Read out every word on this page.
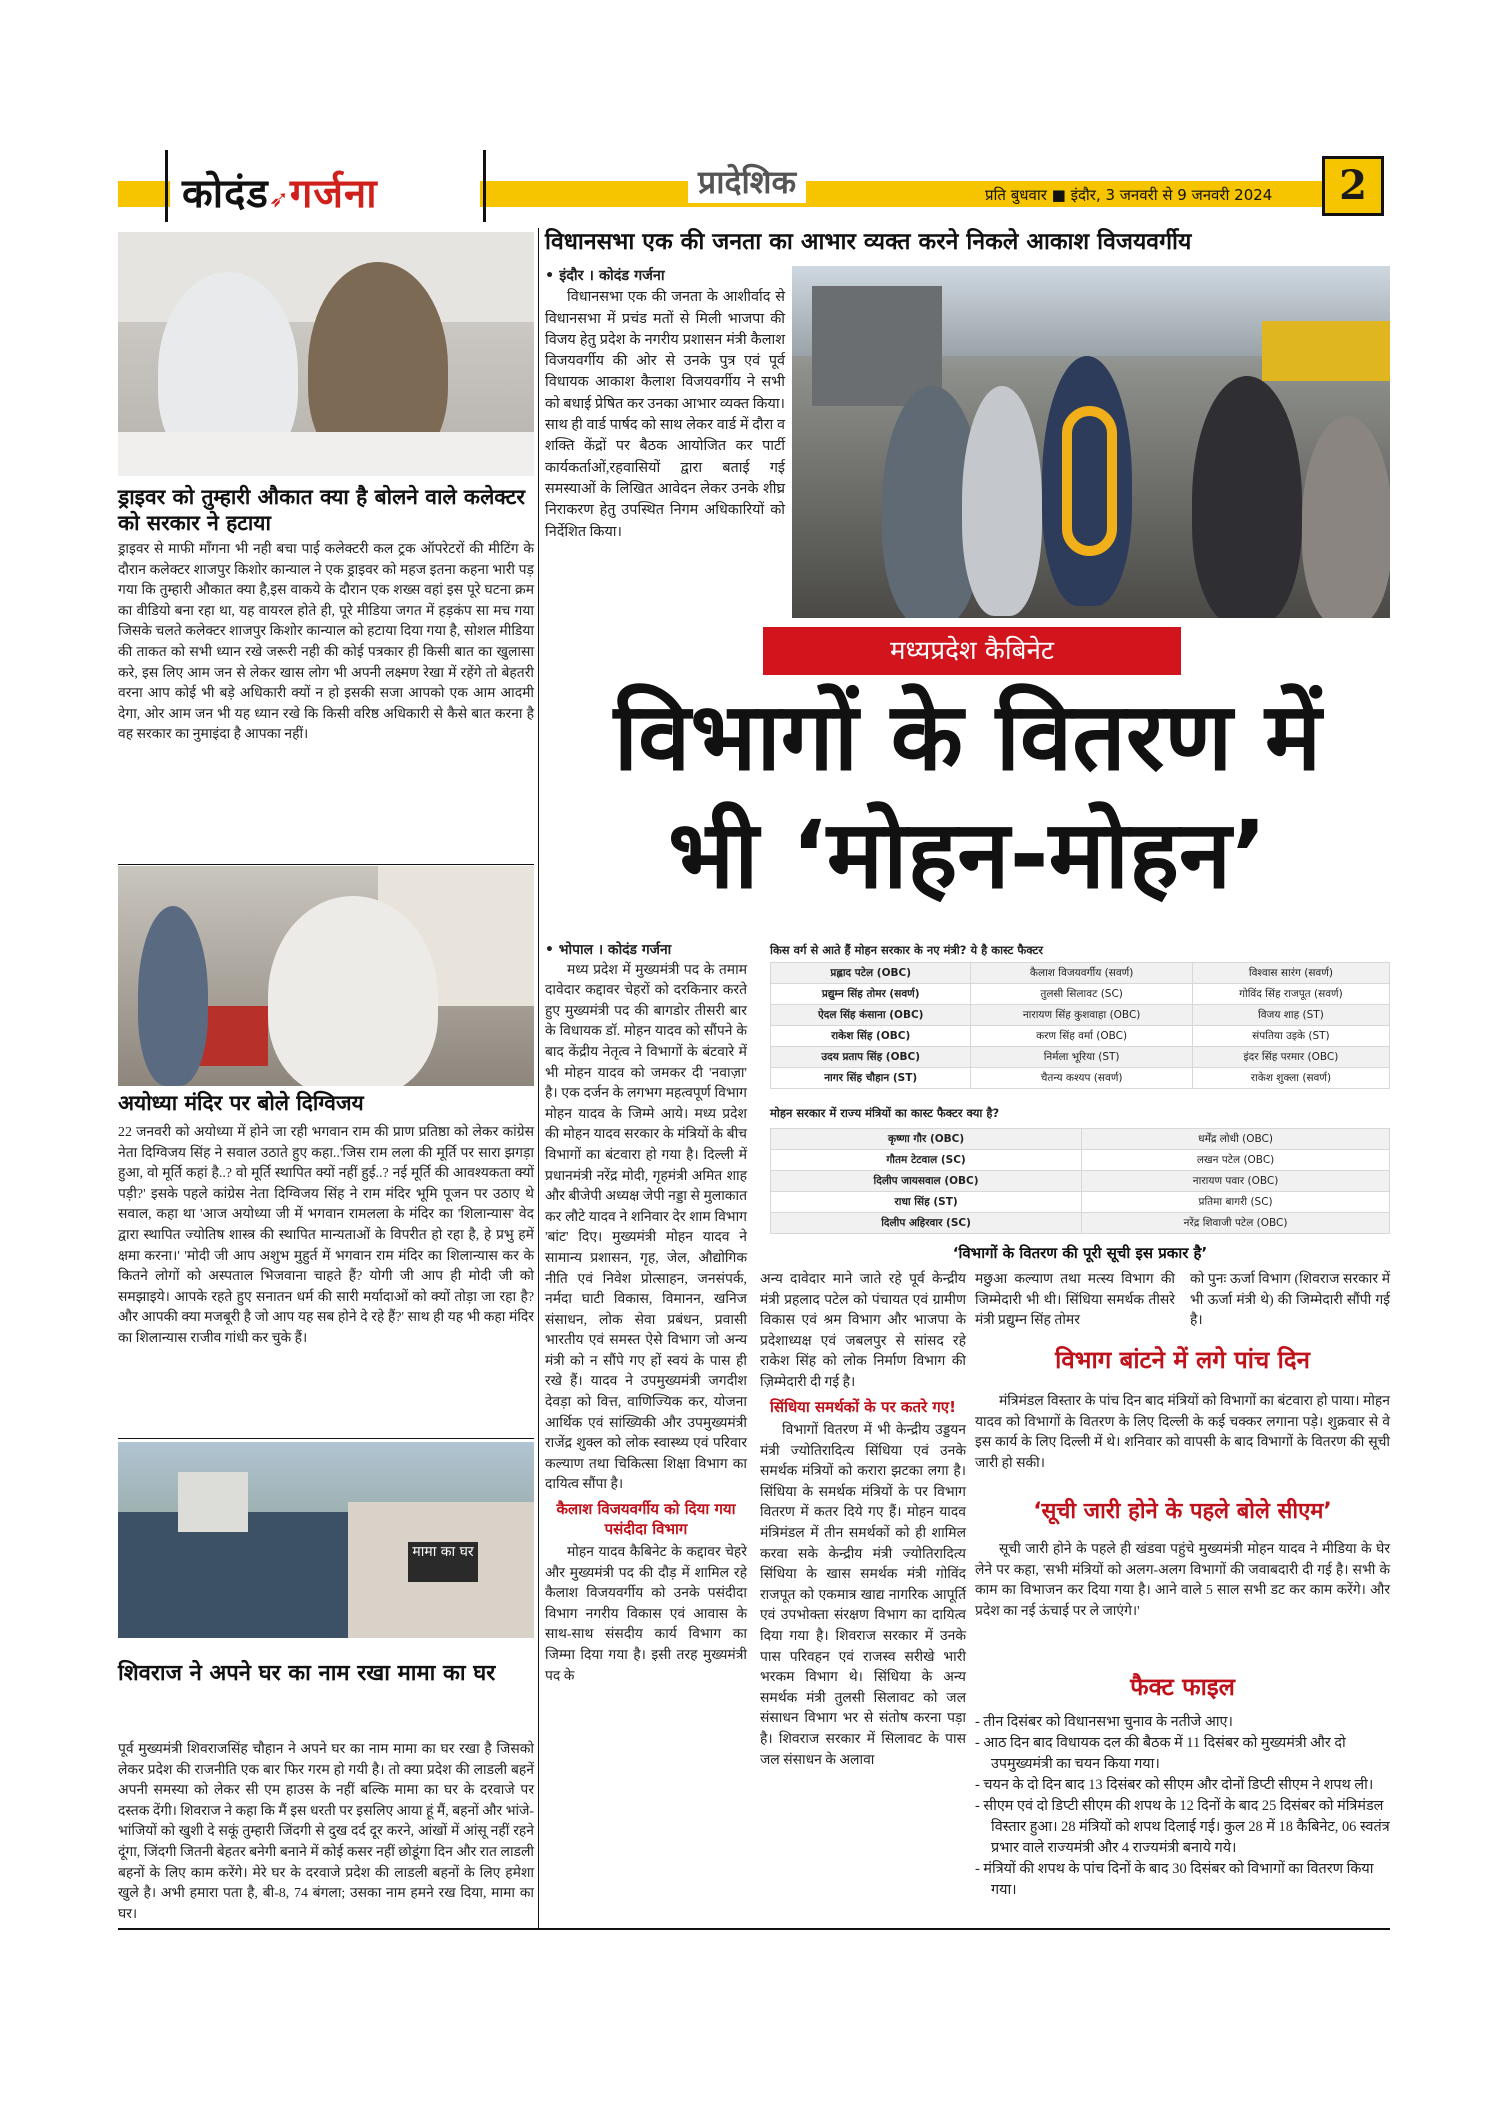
कोदंड➶गर्जना	प्रादेशिक	प्रति बुधवार ■ इंदौर, 3 जनवरी से 9 जनवरी 2024	2
विधानसभा एक की जनता का आभार व्यक्त करने निकले आकाश विजयवर्गीय
• इंदौर । कोदंड गर्जना
विधानसभा एक की जनता के आशीर्वाद से विधानसभा में प्रचंड मतों से मिली भाजपा की विजय हेतु प्रदेश के नगरीय प्रशासन मंत्री कैलाश विजयवर्गीय की ओर से उनके पुत्र एवं पूर्व विधायक आकाश कैलाश विजयवर्गीय ने सभी को बधाई प्रेषित कर उनका आभार व्यक्त किया। साथ ही वार्ड पार्षद को साथ लेकर वार्ड में दौरा व शक्ति केंद्रों पर बैठक आयोजित कर पार्टी कार्यकर्ताओं,रहवासियों द्वारा बताई गई समस्याओं के लिखित आवेदन लेकर उनके शीघ्र निराकरण हेतु उपस्थित निगम अधिकारियों को निर्देशित किया।
ड्राइवर को तुम्हारी औकात क्या है बोलने वाले कलेक्टर को सरकार ने हटाया
ड्राइवर से माफी माँगना भी नही बचा पाई कलेक्टरी कल ट्रक ऑपरेटरों की मीटिंग के दौरान कलेक्टर शाजपुर किशोर कान्याल ने एक ड्राइवर को महज इतना कहना भारी पड़ गया कि तुम्हारी औकात क्या है,इस वाकये के दौरान एक शख्स वहां इस पूरे घटना क्रम का वीडियो बना रहा था, यह वायरल होते ही, पूरे मीडिया जगत में हड़कंप सा मच गया जिसके चलते कलेक्टर शाजपुर किशोर कान्याल को हटाया दिया गया है, सोशल मीडिया की ताकत को सभी ध्यान रखे जरूरी नही की कोई पत्रकार ही किसी बात का खुलासा करे, इस लिए आम जन से लेकर खास लोग भी अपनी लक्ष्मण रेखा में रहेंगे तो बेहतरी वरना आप कोई भी बड़े अधिकारी क्यों न हो इसकी सजा आपको एक आम आदमी देगा, ओर आम जन भी यह ध्यान रखे कि किसी वरिष्ठ अधिकारी से कैसे बात करना है वह सरकार का नुमाइंदा है आपका नहीं।
अयोध्या मंदिर पर बोले दिग्विजय
22 जनवरी को अयोध्या में होने जा रही भगवान राम की प्राण प्रतिष्ठा को लेकर कांग्रेस नेता दिग्विजय सिंह ने सवाल उठाते हुए कहा..'जिस राम लला की मूर्ति पर सारा झगड़ा हुआ, वो मूर्ति कहां है..? वो मूर्ति स्थापित क्यों नहीं हुई..? नई मूर्ति की आवश्यकता क्यों पड़ी?' इसके पहले कांग्रेस नेता दिग्विजय सिंह ने राम मंदिर भूमि पूजन पर उठाए थे सवाल, कहा था 'आज अयोध्या जी में भगवान रामलला के मंदिर का 'शिलान्यास' वेद द्वारा स्थापित ज्योतिष शास्त्र की स्थापित मान्यताओं के विपरीत हो रहा है, हे प्रभु हमें क्षमा करना।' 'मोदी जी आप अशुभ मुहुर्त में भगवान राम मंदिर का शिलान्यास कर के कितने लोगों को अस्पताल भिजवाना चाहते हैं? योगी जी आप ही मोदी जी को समझाइये। आपके रहते हुए सनातन धर्म की सारी मर्यादाओं को क्यों तोड़ा जा रहा है? और आपकी क्या मजबूरी है जो आप यह सब होने दे रहे हैं?' साथ ही यह भी कहा मंदिर का शिलान्यास राजीव गांधी कर चुके हैं।
मामा का घर
शिवराज ने अपने घर का नाम रखा मामा का घर
पूर्व मुख्यमंत्री शिवराजसिंह चौहान ने अपने घर का नाम मामा का घर रखा है जिसको लेकर प्रदेश की राजनीति एक बार फिर गरम हो गयी है। तो क्या प्रदेश की लाडली बहनें अपनी समस्या को लेकर सी एम हाउस के नहीं बल्कि मामा का घर के दरवाजे पर दस्तक देंगी। शिवराज ने कहा कि मैं इस धरती पर इसलिए आया हूं मैं, बहनों और भांजे-भांजियों को खुशी दे सकूं तुम्हारी जिंदगी से दुख दर्द दूर करने, आंखों में आंसू नहीं रहने दूंगा, जिंदगी जितनी बेहतर बनेगी बनाने में कोई कसर नहीं छोडूंगा दिन और रात लाडली बहनों के लिए काम करेंगे। मेरे घर के दरवाजे प्रदेश की लाडली बहनों के लिए हमेशा खुले है। अभी हमारा पता है, बी-8, 74 बंगला; उसका नाम हमने रख दिया, मामा का घर।
मध्यप्रदेश कैबिनेट
विभागों के वितरण में
भी ‘मोहन-मोहन’
• भोपाल । कोदंड गर्जना
मध्य प्रदेश में मुख्यमंत्री पद के तमाम दावेदार कद्दावर चेहरों को दरकिनार करते हुए मुख्यमंत्री पद की बागडोर तीसरी बार के विधायक डॉ. मोहन यादव को सौंपने के बाद केंद्रीय नेतृत्व ने विभागों के बंटवारे में भी मोहन यादव को जमकर दी 'नवाज़ा' है। एक दर्जन के लगभग महत्वपूर्ण विभाग मोहन यादव के जिम्मे आये। मध्य प्रदेश की मोहन यादव सरकार के मंत्रियों के बीच विभागों का बंटवारा हो गया है। दिल्ली में प्रधानमंत्री नरेंद्र मोदी, गृहमंत्री अमित शाह और बीजेपी अध्यक्ष जेपी नड्डा से मुलाकात कर लौटे यादव ने शनिवार देर शाम विभाग 'बांट' दिए। मुख्यमंत्री मोहन यादव ने सामान्य प्रशासन, गृह, जेल, औद्योगिक नीति एवं निवेश प्रोत्साहन, जनसंपर्क, नर्मदा घाटी विकास, विमानन, खनिज संसाधन, लोक सेवा प्रबंधन, प्रवासी भारतीय एवं समस्त ऐसे विभाग जो अन्य मंत्री को न सौंपे गए हों स्वयं के पास ही रखे हैं। यादव ने उपमुख्यमंत्री जगदीश देवड़ा को वित्त, वाणिज्यिक कर, योजना आर्थिक एवं सांख्यिकी और उपमुख्यमंत्री राजेंद्र शुक्ल को लोक स्वास्थ्य एवं परिवार कल्याण तथा चिकित्सा शिक्षा विभाग का दायित्व सौंपा है।
कैलाश विजयवर्गीय को दिया गया पसंदीदा विभाग
मोहन यादव कैबिनेट के कद्दावर चेहरे और मुख्यमंत्री पद की दौड़ में शामिल रहे कैलाश विजयवर्गीय को उनके पसंदीदा विभाग नगरीय विकास एवं आवास के साथ-साथ संसदीय कार्य विभाग का जिम्मा दिया गया है। इसी तरह मुख्यमंत्री पद के
किस वर्ग से आते हैं मोहन सरकार के नए मंत्री? ये है कास्ट फैक्टर
प्रह्लाद पटेल (OBC)	कैलाश विजयवर्गीय (सवर्ण)	विश्वास सारंग (सवर्ण)
प्रद्युम्न सिंह तोमर (सवर्ण)	तुलसी सिलावट (SC)	गोविंद सिंह राजपूत (सवर्ण)
ऐदल सिंह कंसाना (OBC)	नारायण सिंह कुशवाहा (OBC)	विजय शाह (ST)
राकेश सिंह (OBC)	करण सिंह वर्मा (OBC)	संपतिया उइके (ST)
उदय प्रताप सिंह (OBC)	निर्मला भूरिया (ST)	इंदर सिंह परमार (OBC)
नागर सिंह चौहान (ST)	चैतन्य कश्यप (सवर्ण)	राकेश शुक्ला (सवर्ण)
मोहन सरकार में राज्य मंत्रियों का कास्ट फैक्टर क्या है?
कृष्णा गौर (OBC)	धर्मेंद्र लोधी (OBC)
गौतम टेटवाल (SC)	लखन पटेल (OBC)
दिलीप जायसवाल (OBC)	नारायण पवार (OBC)
राधा सिंह (ST)	प्रतिमा बागरी (SC)
दिलीप अहिरवार (SC)	नरेंद्र शिवाजी पटेल (OBC)
‘विभागों के वितरण की पूरी सूची इस प्रकार है’
अन्य दावेदार माने जाते रहे पूर्व केन्द्रीय मंत्री प्रहलाद पटेल को पंचायत एवं ग्रामीण विकास एवं श्रम विभाग और भाजपा के प्रदेशाध्यक्ष एवं जबलपुर से सांसद रहे राकेश सिंह को लोक निर्माण विभाग की ज़िम्मेदारी दी गई है।
सिंधिया समर्थकों के पर कतरे गए!
विभागों वितरण में भी केन्द्रीय उड्डयन मंत्री ज्योतिरादित्य सिंधिया एवं उनके समर्थक मंत्रियों को करारा झटका लगा है। सिंधिया के समर्थक मंत्रियों के पर विभाग वितरण में कतर दिये गए हैं। मोहन यादव मंत्रिमंडल में तीन समर्थकों को ही शामिल करवा सके केन्द्रीय मंत्री ज्योतिरादित्य सिंधिया के खास समर्थक मंत्री गोविंद राजपूत को एकमात्र खाद्य नागरिक आपूर्ति एवं उपभोक्ता संरक्षण विभाग का दायित्व दिया गया है। शिवराज सरकार में उनके पास परिवहन एवं राजस्व सरीखे भारी भरकम विभाग थे। सिंधिया के अन्य समर्थक मंत्री तुलसी सिलावट को जल संसाधन विभाग भर से संतोष करना पड़ा है। शिवराज सरकार में सिलावट के पास जल संसाधन के अलावा
मछुआ कल्याण तथा मत्स्य विभाग की जिम्मेदारी भी थी। सिंधिया समर्थक तीसरे मंत्री प्रद्युम्न सिंह तोमर
को पुनः ऊर्जा विभाग (शिवराज सरकार में भी ऊर्जा मंत्री थे) की जिम्मेदारी सौंपी गई है।
विभाग बांटने में लगे पांच दिन
मंत्रिमंडल विस्तार के पांच दिन बाद मंत्रियों को विभागों का बंटवारा हो पाया। मोहन यादव को विभागों के वितरण के लिए दिल्ली के कई चक्कर लगाना पड़े। शुक्रवार से वे इस कार्य के लिए दिल्ली में थे। शनिवार को वापसी के बाद विभागों के वितरण की सूची जारी हो सकी।
‘सूची जारी होने के पहले बोले सीएम’
सूची जारी होने के पहले ही खंडवा पहुंचे मुख्यमंत्री मोहन यादव ने मीडिया के घेर लेने पर कहा, 'सभी मंत्रियों को अलग-अलग विभागों की जवाबदारी दी गई है। सभी के काम का विभाजन कर दिया गया है। आने वाले 5 साल सभी डट कर काम करेंगे। और प्रदेश का नई ऊंचाई पर ले जाएंगे।'
फैक्ट फाइल
- तीन दिसंबर को विधानसभा चुनाव के नतीजे आए।
- आठ दिन बाद विधायक दल की बैठक में 11 दिसंबर को मुख्यमंत्री और दो उपमुख्यमंत्री का चयन किया गया।
- चयन के दो दिन बाद 13 दिसंबर को सीएम और दोनों डिप्टी सीएम ने शपथ ली।
- सीएम एवं दो डिप्टी सीएम की शपथ के 12 दिनों के बाद 25 दिसंबर को मंत्रिमंडल विस्तार हुआ। 28 मंत्रियों को शपथ दिलाई गई। कुल 28 में 18 कैबिनेट, 06 स्वतंत्र प्रभार वाले राज्यमंत्री और 4 राज्यमंत्री बनाये गये।
- मंत्रियों की शपथ के पांच दिनों के बाद 30 दिसंबर को विभागों का वितरण किया गया।
